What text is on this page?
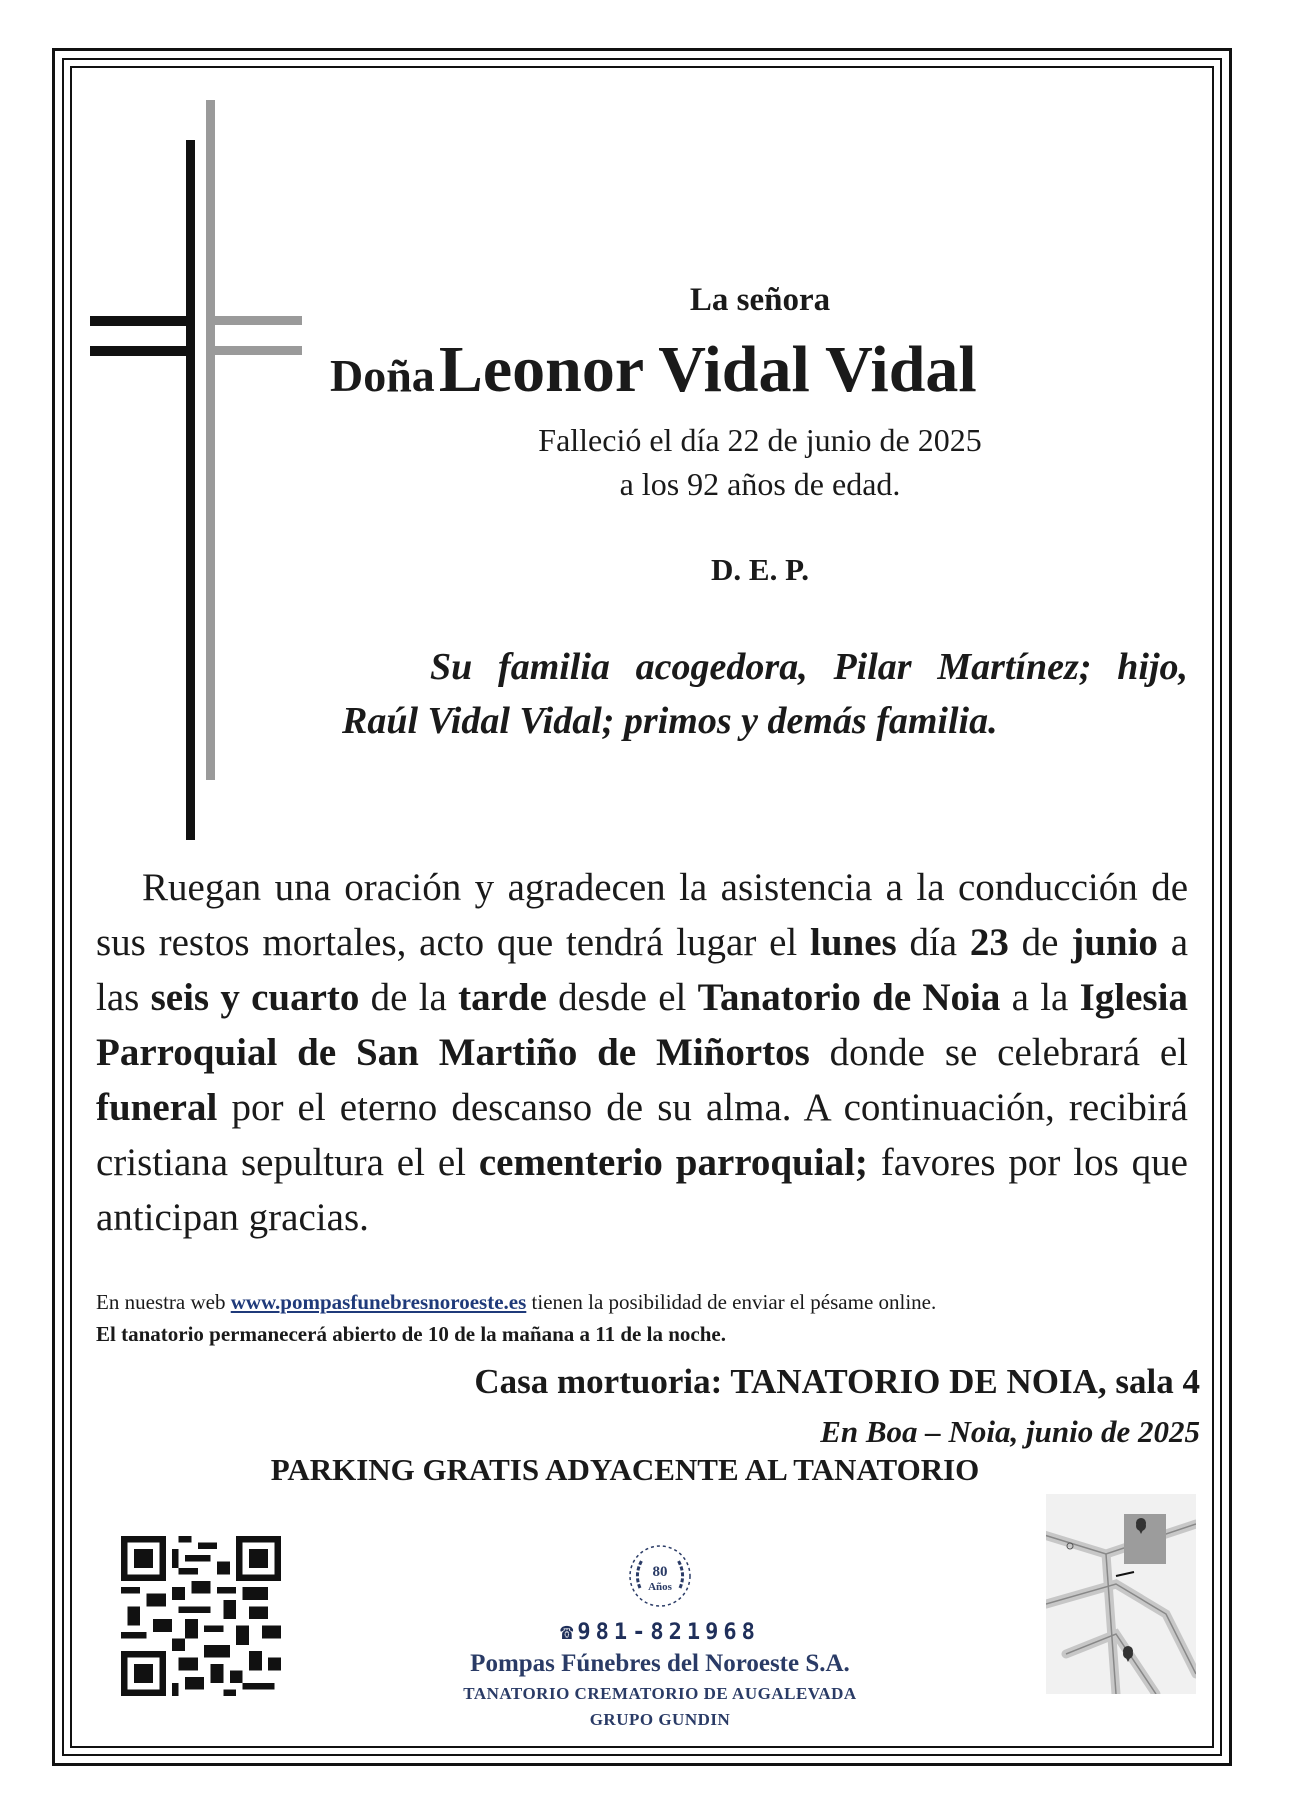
La señora
Doña Leonor Vidal Vidal
Falleció el día 22 de junio de 2025
a los 92 años de edad.
D. E. P.
Su familia acogedora, Pilar Martínez; hijo, Raúl Vidal Vidal; primos y demás familia.
Ruegan una oración y agradecen la asistencia a la conducción de sus restos mortales, acto que tendrá lugar el lunes día 23 de junio a las seis y cuarto de la tarde desde el Tanatorio de Noia a la Iglesia Parroquial de San Martiño de Miñortos donde se celebrará el funeral por el eterno descanso de su alma. A continuación, recibirá cristiana sepultura el el cementerio parroquial; favores por los que anticipan gracias.
En nuestra web www.pompasfunebresnoroeste.es tienen la posibilidad de enviar el pésame online.
El tanatorio permanecerá abierto de 10 de la mañana a 11 de la noche.
Casa mortuoria: TANATORIO DE NOIA, sala 4
En Boa – Noia, junio de 2025
PARKING GRATIS ADYACENTE AL TANATORIO
80
Años
☎ 981-821968
Pompas Fúnebres del Noroeste S.A.
TANATORIO CREMATORIO DE AUGALEVADA
GRUPO GUNDIN
